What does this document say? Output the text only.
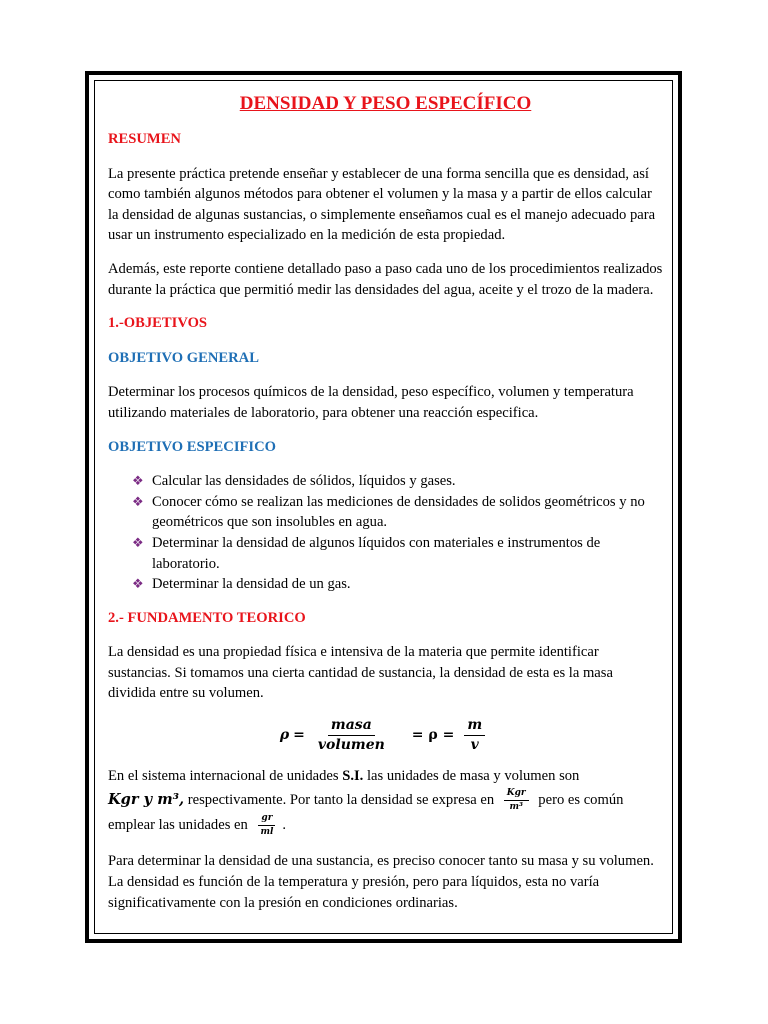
DENSIDAD Y PESO ESPECÍFICO
RESUMEN

La presente práctica pretende enseñar y establecer de una forma sencilla que es densidad, así como también algunos métodos para obtener el volumen y la masa y a partir de ellos calcular la densidad de algunas sustancias, o simplemente enseñamos cual es el manejo adecuado para usar un instrumento especializado en la medición de esta propiedad.

Además, este reporte contiene detallado paso a paso cada uno de los procedimientos realizados durante la práctica que permitió medir las densidades del agua, aceite y el trozo de la madera.

1.-OBJETIVOS
OBJETIVO GENERAL

Determinar los procesos químicos de la densidad, peso específico, volumen y temperatura utilizando materiales de laboratorio, para obtener una reacción especifica.

OBJETIVO ESPECIFICO
❖ Calcular las densidades de sólidos, líquidos y gases.
❖ Conocer cómo se realizan las mediciones de densidades de solidos geométricos y no geométricos que son insolubles en agua.
❖ Determinar la densidad de algunos líquidos con materiales e instrumentos de laboratorio.
❖ Determinar la densidad de un gas.
2.- FUNDAMENTO TEORICO

La densidad es una propiedad física e intensiva de la materia que permite identificar sustancias. Si tomamos una cierta cantidad de sustancia, la densidad de esta es la masa dividida entre su volumen.

$\rho = \frac{\text{masa}}{\text{volumen}} = \rho = \frac{m}{v}$

En el sistema internacional de unidades S.I. las unidades de masa y volumen son
Kgr y m³, respectivamente. Por tanto la densidad se expresa en $\frac{\text{Kgr}}{\text{m³}}$ pero es común emplear las unidades en $\frac{gr}{ml}$ .

Para determinar la densidad de una sustancia, es preciso conocer tanto su masa y su volumen. La densidad es función de la temperatura y presión, pero para líquidos, esta no varía significativamente con la presión en condiciones ordinarias.
